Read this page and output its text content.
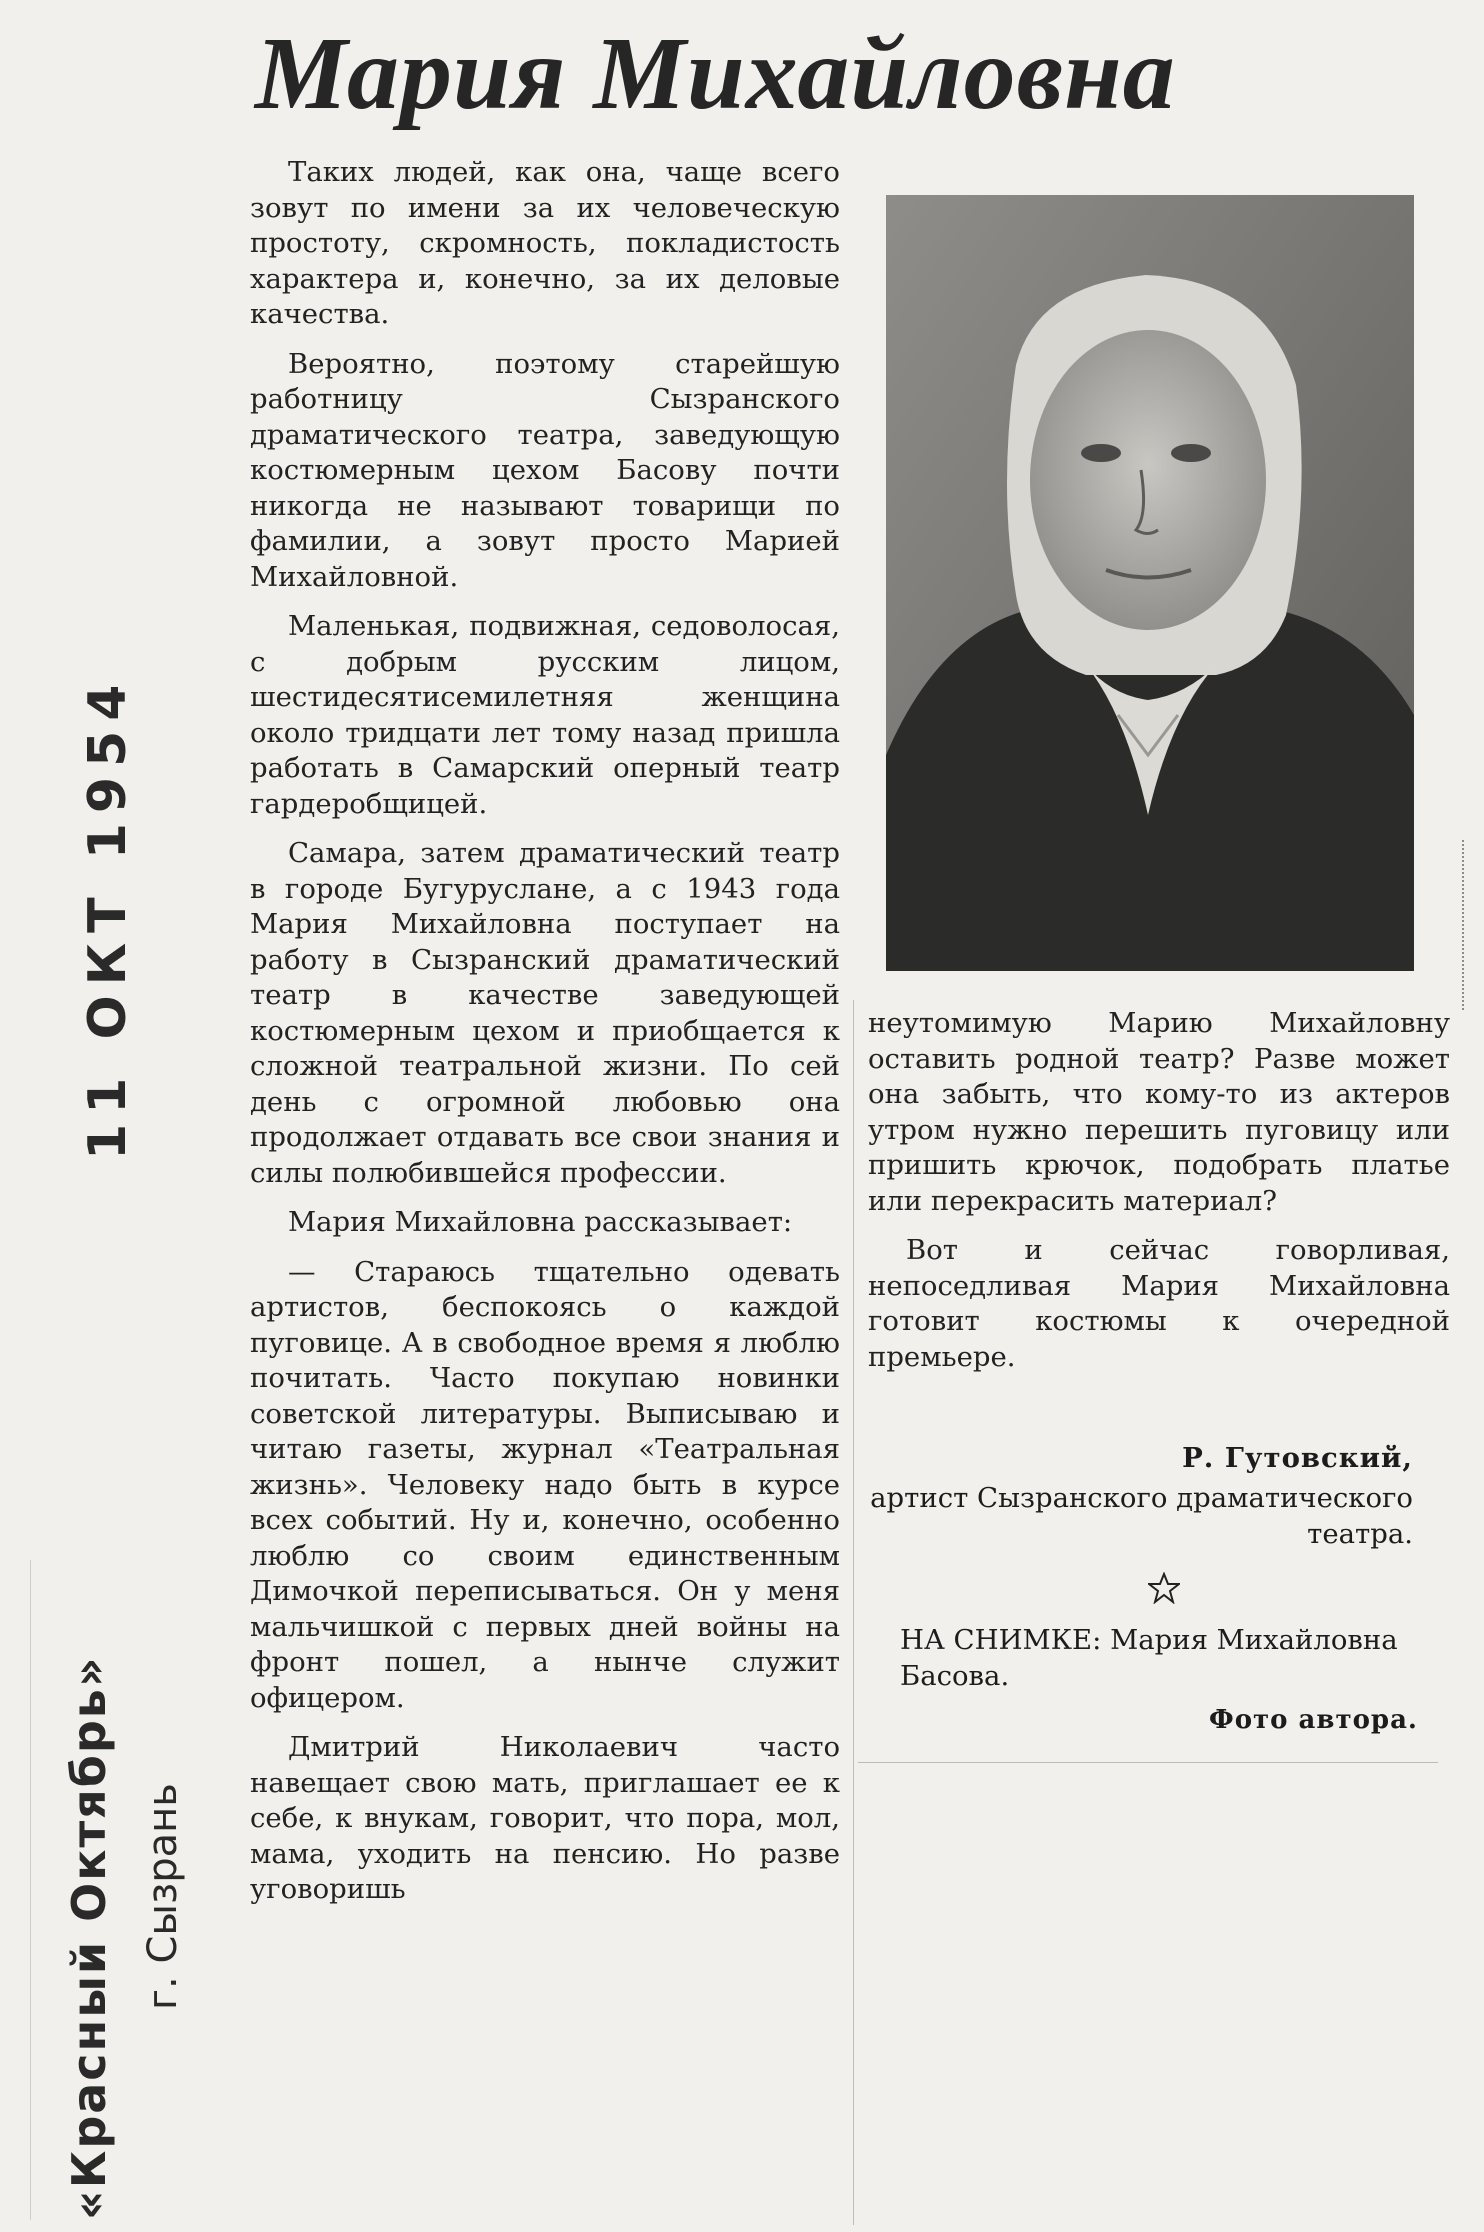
Мария Михайловна

Таких людей, как она, чаще всего зовут по имени за их человеческую простоту, скромность, покладистость характера и, конечно, за их деловые качества.

Вероятно, поэтому старейшую работницу Сызранского драматического театра, заведующую костюмерным цехом Басову почти никогда не называют товарищи по фамилии, а зовут просто Марией Михайловной.

Маленькая, подвижная, седоволосая, с добрым русским лицом, шестидесятисемилетняя женщина около тридцати лет тому назад пришла работать в Самарский оперный театр гардеробщицей.

Самара, затем драматический театр в городе Бугуруслане, а с 1943 года Мария Михайловна поступает на работу в Сызранский драматический театр в качестве заведующей костюмерным цехом и приобщается к сложной театральной жизни. По сей день с огромной любовью она продолжает отдавать все свои знания и силы полюбившейся профессии.

Мария Михайловна рассказывает:

— Стараюсь тщательно одевать артистов, беспокоясь о каждой пуговице. А в свободное время я люблю почитать. Часто покупаю новинки советской литературы. Выписываю и читаю газеты, журнал «Театральная жизнь». Человеку надо быть в курсе всех событий. Ну и, конечно, особенно люблю со своим единственным Димочкой переписываться. Он у меня мальчишкой с первых дней войны на фронт пошел, а нынче служит офицером.

Дмитрий Николаевич часто навещает свою мать, приглашает ее к себе, к внукам, говорит, что пора, мол, мама, уходить на пенсию. Но разве уговоришь

неутомимую Марию Михайловну оставить родной театр? Разве может она забыть, что кому-то из актеров утром нужно перешить пуговицу или пришить крючок, подобрать платье или перекрасить материал?

Вот и сейчас говорливая, непоседливая Мария Михайловна готовит костюмы к очередной премьере.

Р. Гутовский,
артист Сызранского драматического театра.
НА СНИМКЕ: Мария Михайловна Басова.
Фото автора.
11 ОКТ 1954
«Красный Октябрь» г. Сызрань
